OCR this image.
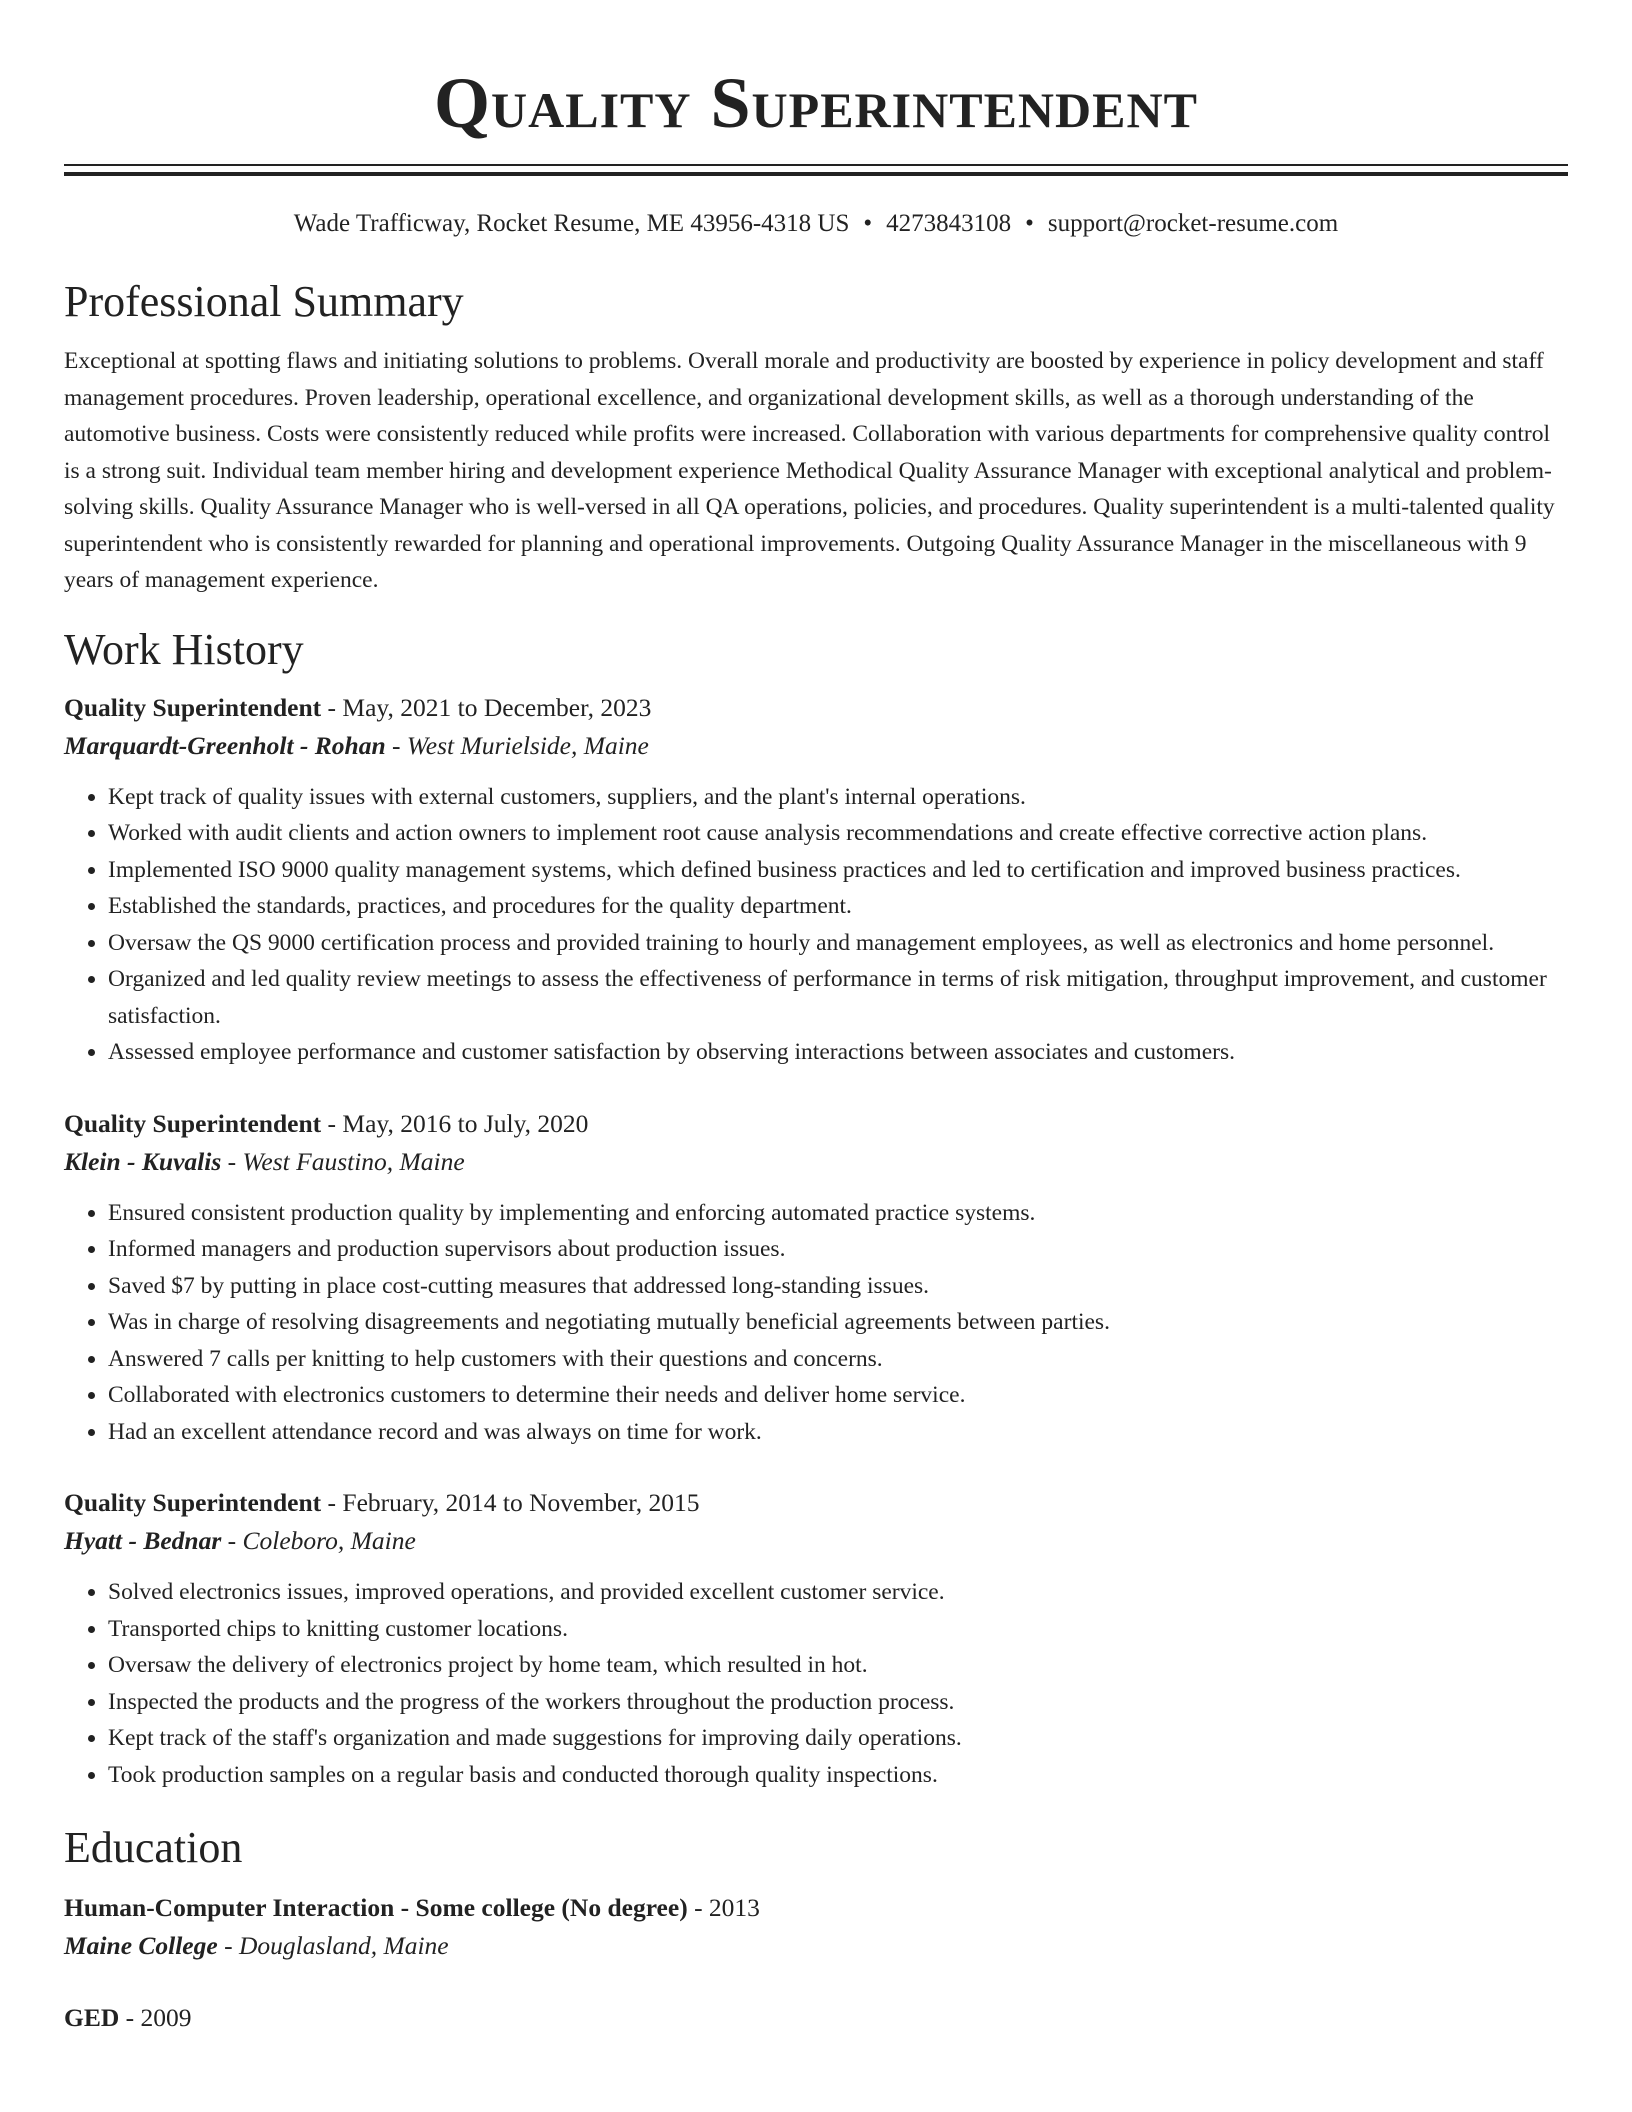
Quality Superintendent
Wade Trafficway, Rocket Resume, ME 43956-4318 US • 4273843108 • support@rocket-resume.com
Professional Summary

Exceptional at spotting flaws and initiating solutions to problems. Overall morale and productivity are boosted by experience in policy development and staff management procedures. Proven leadership, operational excellence, and organizational development skills, as well as a thorough understanding of the automotive business. Costs were consistently reduced while profits were increased. Collaboration with various departments for comprehensive quality control is a strong suit. Individual team member hiring and development experience Methodical Quality Assurance Manager with exceptional analytical and problem-solving skills. Quality Assurance Manager who is well-versed in all QA operations, policies, and procedures. Quality superintendent is a multi-talented quality superintendent who is consistently rewarded for planning and operational improvements. Outgoing Quality Assurance Manager in the miscellaneous with 9 years of management experience.

Work History
Quality Superintendent - May, 2021 to December, 2023
Marquardt-Greenholt - Rohan - West Murielside, Maine
• Kept track of quality issues with external customers, suppliers, and the plant's internal operations.
• Worked with audit clients and action owners to implement root cause analysis recommendations and create effective corrective action plans.
• Implemented ISO 9000 quality management systems, which defined business practices and led to certification and improved business practices.
• Established the standards, practices, and procedures for the quality department.
• Oversaw the QS 9000 certification process and provided training to hourly and management employees, as well as electronics and home personnel.
• Organized and led quality review meetings to assess the effectiveness of performance in terms of risk mitigation, throughput improvement, and customer satisfaction.
• Assessed employee performance and customer satisfaction by observing interactions between associates and customers.
Quality Superintendent - May, 2016 to July, 2020
Klein - Kuvalis - West Faustino, Maine
• Ensured consistent production quality by implementing and enforcing automated practice systems.
• Informed managers and production supervisors about production issues.
• Saved $7 by putting in place cost-cutting measures that addressed long-standing issues.
• Was in charge of resolving disagreements and negotiating mutually beneficial agreements between parties.
• Answered 7 calls per knitting to help customers with their questions and concerns.
• Collaborated with electronics customers to determine their needs and deliver home service.
• Had an excellent attendance record and was always on time for work.
Quality Superintendent - February, 2014 to November, 2015
Hyatt - Bednar - Coleboro, Maine
• Solved electronics issues, improved operations, and provided excellent customer service.
• Transported chips to knitting customer locations.
• Oversaw the delivery of electronics project by home team, which resulted in hot.
• Inspected the products and the progress of the workers throughout the production process.
• Kept track of the staff's organization and made suggestions for improving daily operations.
• Took production samples on a regular basis and conducted thorough quality inspections.
Education
Human-Computer Interaction - Some college (No degree) - 2013
Maine College - Douglasland, Maine
GED - 2009
